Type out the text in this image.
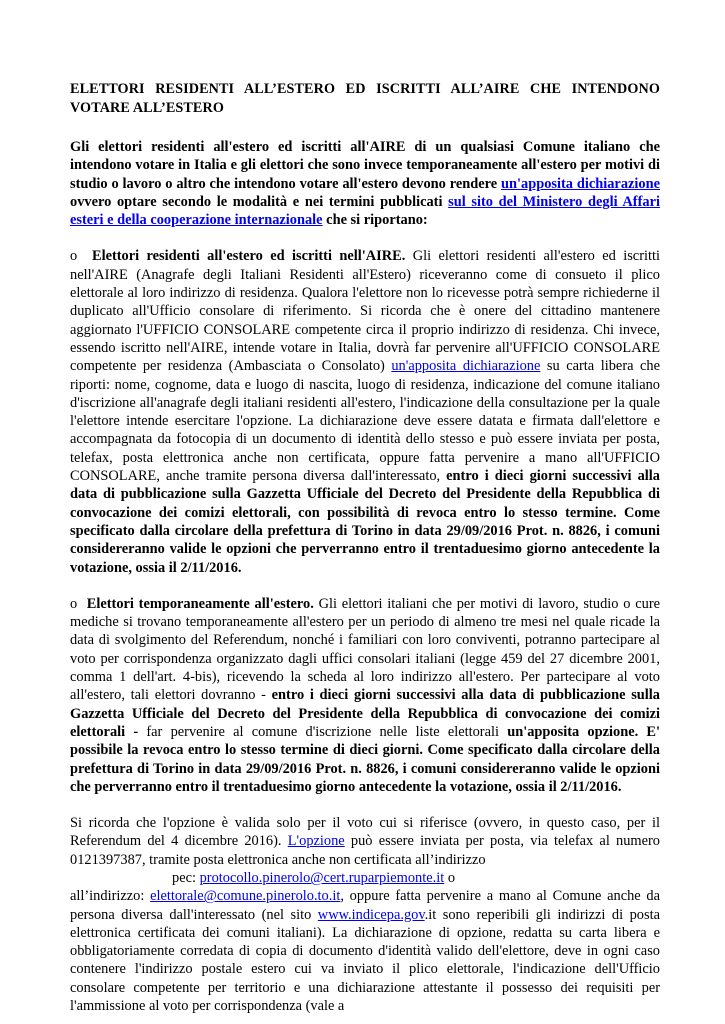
ELETTORI RESIDENTI ALL’ESTERO ED ISCRITTI ALL’AIRE CHE INTENDONO VOTARE ALL’ESTERO

Gli elettori residenti all'estero ed iscritti all'AIRE di un qualsiasi Comune italiano che intendono votare in Italia e gli elettori che sono invece temporaneamente all'estero per motivi di studio o lavoro o altro che intendono votare all'estero devono rendere un'apposita dichiarazione ovvero optare secondo le modalità e nei termini pubblicati sul sito del Ministero degli Affari esteri e della cooperazione internazionale che si riportano:

o Elettori residenti all'estero ed iscritti nell'AIRE. Gli elettori residenti all'estero ed iscritti nell'AIRE (Anagrafe degli Italiani Residenti all'Estero) riceveranno come di consueto il plico elettorale al loro indirizzo di residenza. Qualora l'elettore non lo ricevesse potrà sempre richiederne il duplicato all'Ufficio consolare di riferimento. Si ricorda che è onere del cittadino mantenere aggiornato l'UFFICIO CONSOLARE competente circa il proprio indirizzo di residenza. Chi invece, essendo iscritto nell'AIRE, intende votare in Italia, dovrà far pervenire all'UFFICIO CONSOLARE competente per residenza (Ambasciata o Consolato) un'apposita dichiarazione su carta libera che riporti: nome, cognome, data e luogo di nascita, luogo di residenza, indicazione del comune italiano d'iscrizione all'anagrafe degli italiani residenti all'estero, l'indicazione della consultazione per la quale l'elettore intende esercitare l'opzione. La dichiarazione deve essere datata e firmata dall'elettore e accompagnata da fotocopia di un documento di identità dello stesso e può essere inviata per posta, telefax, posta elettronica anche non certificata, oppure fatta pervenire a mano all'UFFICIO CONSOLARE, anche tramite persona diversa dall'interessato, entro i dieci giorni successivi alla data di pubblicazione sulla Gazzetta Ufficiale del Decreto del Presidente della Repubblica di convocazione dei comizi elettorali, con possibilità di revoca entro lo stesso termine. Come specificato dalla circolare della prefettura di Torino in data 29/09/2016 Prot. n. 8826, i comuni considereranno valide le opzioni che perverranno entro il trentaduesimo giorno antecedente la votazione, ossia il 2/11/2016.

o Elettori temporaneamente all'estero. Gli elettori italiani che per motivi di lavoro, studio o cure mediche si trovano temporaneamente all'estero per un periodo di almeno tre mesi nel quale ricade la data di svolgimento del Referendum, nonché i familiari con loro conviventi, potranno partecipare al voto per corrispondenza organizzato dagli uffici consolari italiani (legge 459 del 27 dicembre 2001, comma 1 dell'art. 4-bis), ricevendo la scheda al loro indirizzo all'estero. Per partecipare al voto all'estero, tali elettori dovranno - entro i dieci giorni successivi alla data di pubblicazione sulla Gazzetta Ufficiale del Decreto del Presidente della Repubblica di convocazione dei comizi elettorali - far pervenire al comune d'iscrizione nelle liste elettorali un'apposita opzione. E' possibile la revoca entro lo stesso termine di dieci giorni. Come specificato dalla circolare della prefettura di Torino in data 29/09/2016 Prot. n. 8826, i comuni considereranno valide le opzioni che perverranno entro il trentaduesimo giorno antecedente la votazione, ossia il 2/11/2016.

Si ricorda che l'opzione è valida solo per il voto cui si riferisce (ovvero, in questo caso, per il Referendum del 4 dicembre 2016). L'opzione può essere inviata per posta, via telefax al numero 0121397387, tramite posta elettronica anche non certificata all’indirizzo

pec: protocollo.pinerolo@cert.ruparpiemonte.it o

all’indirizzo: elettorale@comune.pinerolo.to.it, oppure fatta pervenire a mano al Comune anche da persona diversa dall'interessato (nel sito www.indicepa.gov.it sono reperibili gli indirizzi di posta elettronica certificata dei comuni italiani). La dichiarazione di opzione, redatta su carta libera e obbligatoriamente corredata di copia di documento d'identità valido dell'elettore, deve in ogni caso contenere l'indirizzo postale estero cui va inviato il plico elettorale, l'indicazione dell'Ufficio consolare competente per territorio e una dichiarazione attestante il possesso dei requisiti per l'ammissione al voto per corrispondenza (vale a
